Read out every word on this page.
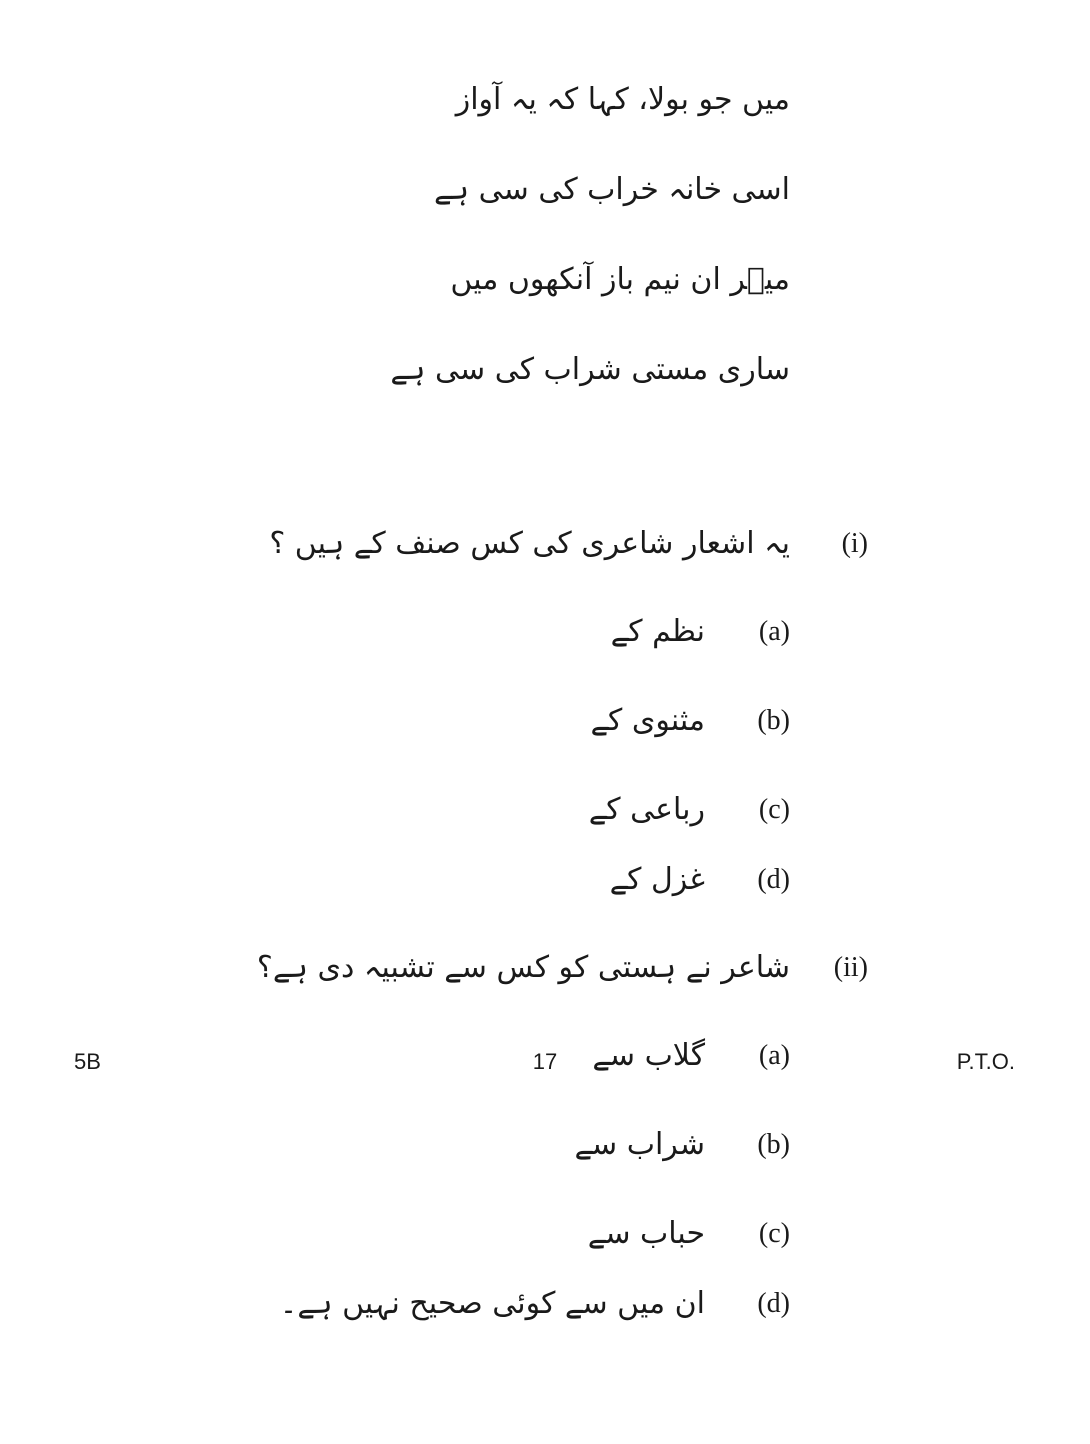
میں جو بولا، کہا کہ یہ آواز
اسی خانہ خراب کی سی ہے
میؔر ان نیم باز آنکھوں میں
ساری مستی شراب کی سی ہے
(i)
یہ اشعار شاعری کی کس صنف کے ہیں ؟
(a)
نظم کے
(b)
مثنوی کے
(c)
رباعی کے
(d)
غزل کے
(ii)
شاعر نے ہستی کو کس سے تشبیہ دی ہے؟
(a)
گلاب سے
(b)
شراب سے
(c)
حباب سے
(d)
ان میں سے کوئی صحیح نہیں ہے۔
5B	17	P.T.O.
